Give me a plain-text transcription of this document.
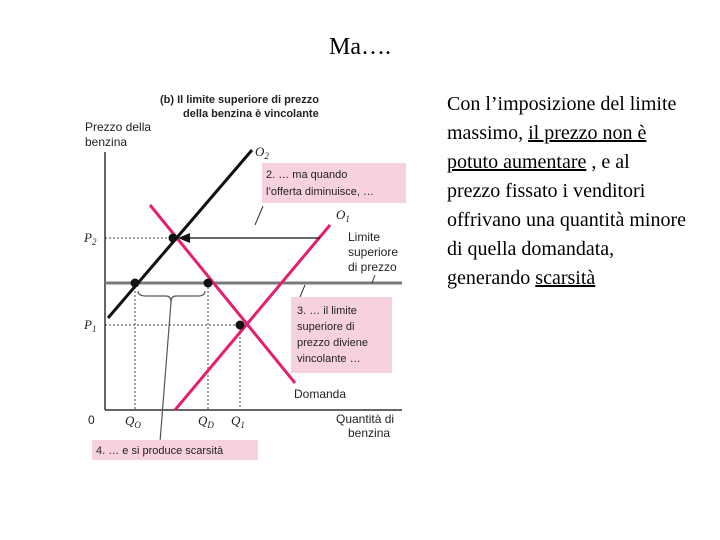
Ma….
(b) Il limite superiore di prezzo
della benzina è vincolante
Prezzo della
benzina
0
$P_2$
$P_1$
$Q_O$	$Q_D$ $Q_1$
$O_2$
$O_1$
Domanda
Quantità di
benzina
Limite
superiore
di prezzo
2. … ma quando
l’offerta diminuisce, …
3. … il limite
superiore di
prezzo diviene
vincolante …
4. … e si produce scarsità
Con l’imposizione del limite massimo, il prezzo non è potuto aumentare , e al prezzo fissato i venditori offrivano una quantità minore di quella domandata, generando scarsità
